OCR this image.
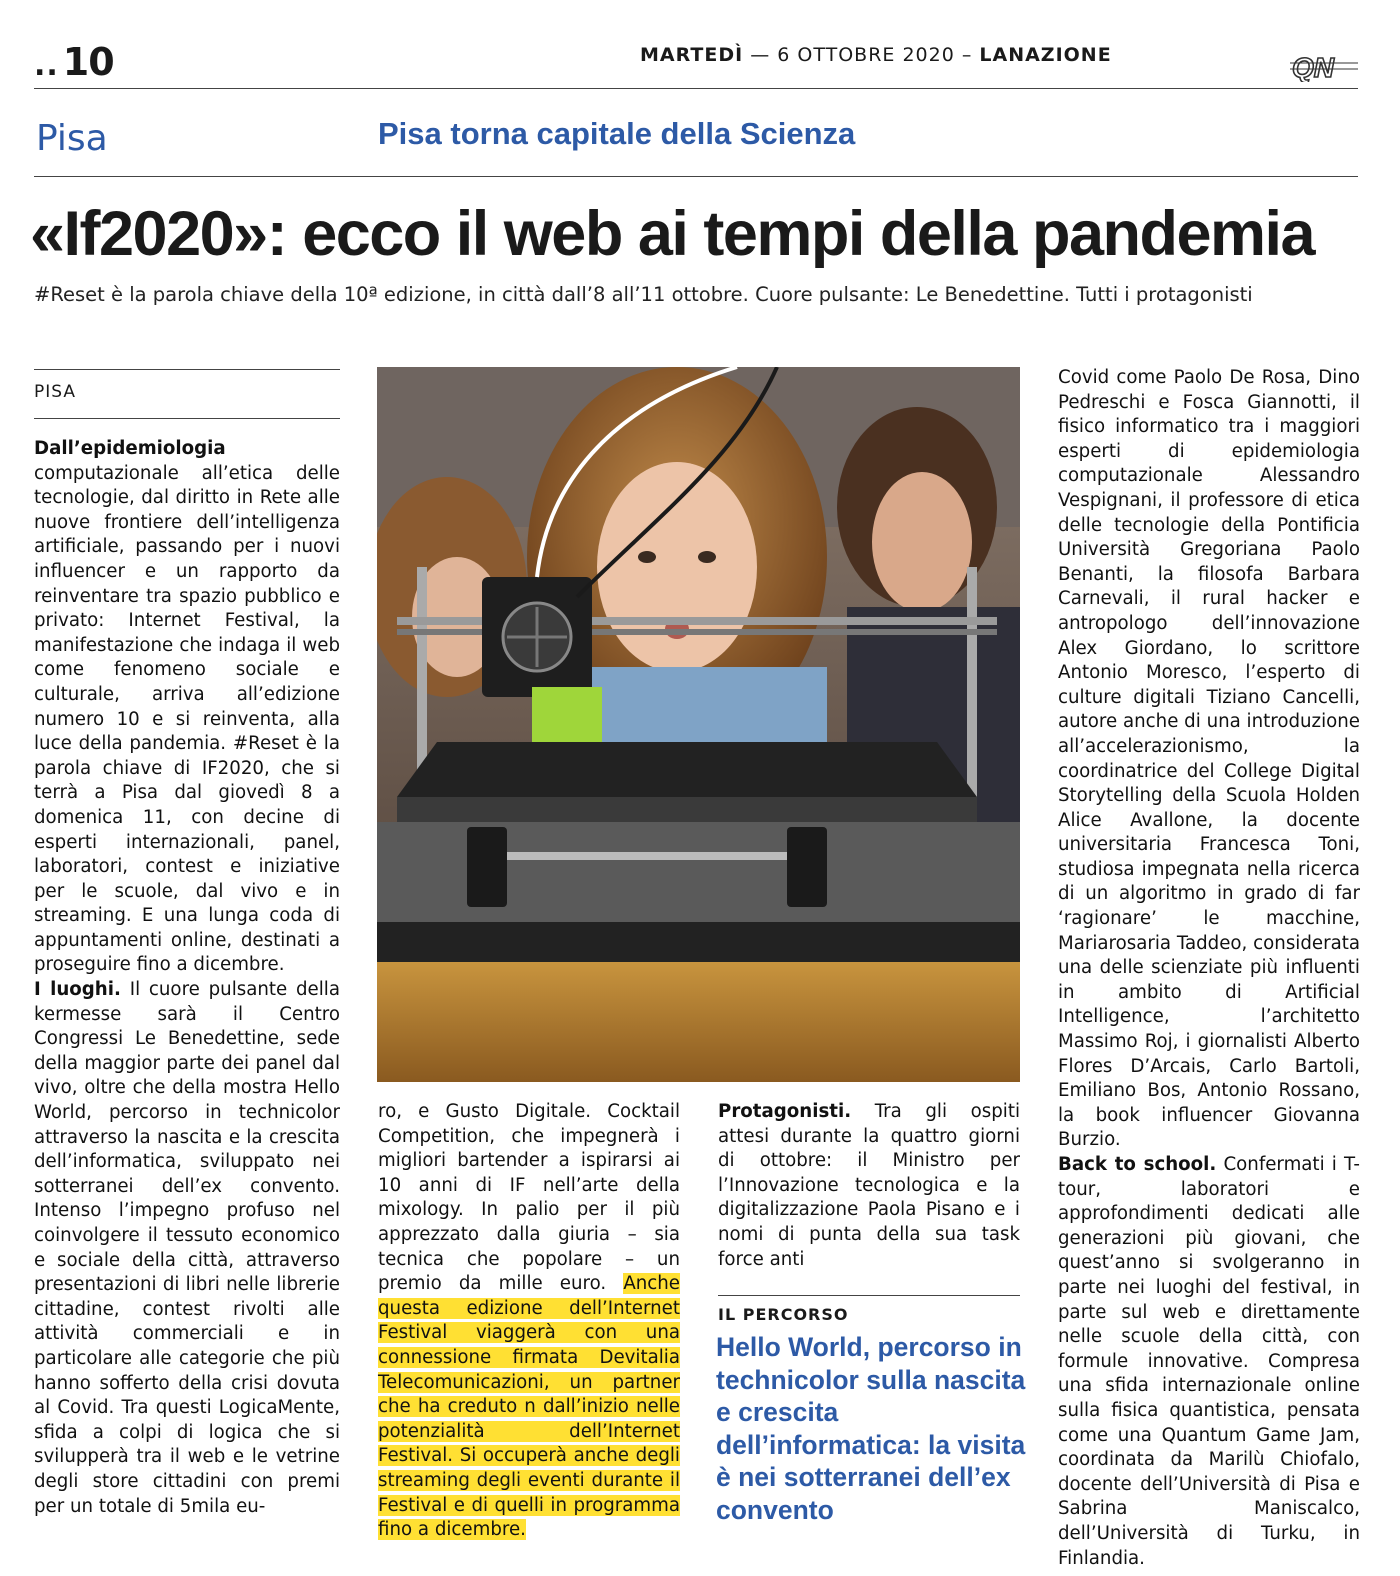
.. 10	MARTEDÌ — 6 OTTOBRE 2020 – LANAZIONE	QN
Pisa	Pisa torna capitale della Scienza
«If2020»: ecco il web ai tempi della pandemia
#Reset è la parola chiave della 10ª edizione, in città dall’8 all’11 ottobre. Cuore pulsante: Le Benedettine. Tutti i protagonisti
PISA

Dall’epidemiologia computazionale all’etica delle tecnologie, dal diritto in Rete alle nuove frontiere dell’intelligenza artificiale, passando per i nuovi influencer e un rapporto da reinventare tra spazio pubblico e privato: Internet Festival, la manifestazione che indaga il web come fenomeno sociale e culturale, arriva all’edizione numero 10 e si reinventa, alla luce della pandemia. #Reset è la parola chiave di IF2020, che si terrà a Pisa dal giovedì 8 a domenica 11, con decine di esperti internazionali, panel, laboratori, contest e iniziative per le scuole, dal vivo e in streaming. E una lunga coda di appuntamenti online, destinati a proseguire fino a dicembre.

I luoghi. Il cuore pulsante della kermesse sarà il Centro Congressi Le Benedettine, sede della maggior parte dei panel dal vivo, oltre che della mostra Hello World, percorso in technicolor attraverso la nascita e la crescita dell’informatica, sviluppato nei sotterranei dell’ex convento. Intenso l’impegno profuso nel coinvolgere il tessuto economico e sociale della città, attraverso presentazioni di libri nelle librerie cittadine, contest rivolti alle attività commerciali e in particolare alle categorie che più hanno sofferto della crisi dovuta al Covid. Tra questi LogicaMente, sfida a colpi di logica che si svilupperà tra il web e le vetrine degli store cittadini con premi per un totale di 5mila eu-

ro, e Gusto Digitale. Cocktail Competition, che impegnerà i migliori bartender a ispirarsi ai 10 anni di IF nell’arte della mixology. In palio per il più apprezzato dalla giuria – sia tecnica che popolare – un premio da mille euro. Anche questa edizione dell’Internet Festival viaggerà con una connessione firmata Devitalia Telecomunicazioni, un partner che ha creduto n dall’inizio nelle potenzialità dell’Internet Festival. Si occuperà anche degli streaming degli eventi durante il Festival e di quelli in programma fino a dicembre.

Protagonisti. Tra gli ospiti attesi durante la quattro giorni di ottobre: il Ministro per l’Innovazione tecnologica e la digitalizzazione Paola Pisano e i nomi di punta della sua task force anti

IL PERCORSO
Hello World, percorso in technicolor sulla nascita e crescita dell’informatica: la visita è nei sotterranei dell’ex convento

Covid come Paolo De Rosa, Dino Pedreschi e Fosca Giannotti, il fisico informatico tra i maggiori esperti di epidemiologia computazionale Alessandro Vespignani, il professore di etica delle tecnologie della Pontificia Università Gregoriana Paolo Benanti, la filosofa Barbara Carnevali, il rural hacker e antropologo dell’innovazione Alex Giordano, lo scrittore Antonio Moresco, l’esperto di culture digitali Tiziano Cancelli, autore anche di una introduzione all’accelerazionismo, la coordinatrice del College Digital Storytelling della Scuola Holden Alice Avallone, la docente universitaria Francesca Toni, studiosa impegnata nella ricerca di un algoritmo in grado di far ‘ragionare’ le macchine, Mariarosaria Taddeo, considerata una delle scienziate più influenti in ambito di Artificial Intelligence, l’architetto Massimo Roj, i giornalisti Alberto Flores D’Arcais, Carlo Bartoli, Emiliano Bos, Antonio Rossano, la book influencer Giovanna Burzio.

Back to school. Confermati i T-tour, laboratori e approfondimenti dedicati alle generazioni più giovani, che quest’anno si svolgeranno in parte nei luoghi del festival, in parte sul web e direttamente nelle scuole della città, con formule innovative. Compresa una sfida internazionale online sulla fisica quantistica, pensata come una Quantum Game Jam, coordinata da Marilù Chiofalo, docente dell’Università di Pisa e Sabrina Maniscalco, dell’Università di Turku, in Finlandia.
